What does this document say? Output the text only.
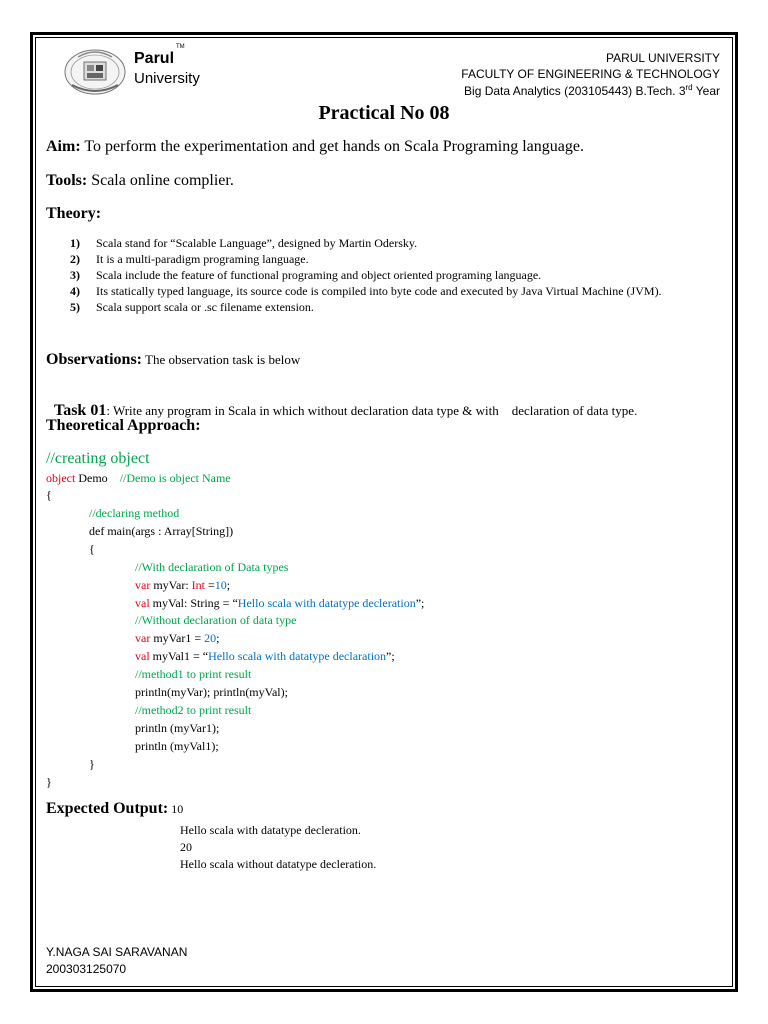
Parul
TM
University
PARUL UNIVERSITY
FACULTY OF ENGINEERING & TECHNOLOGY
Big Data Analytics (203105443) B.Tech. 3rd Year
Practical No 08
Aim: To perform the experimentation and get hands on Scala Programing language.
Tools: Scala online complier.
Theory:
1) Scala stand for “Scalable Language”, designed by Martin Odersky.
2) It is a multi-paradigm programing language.
3) Scala include the feature of functional programing and object oriented programing language.
4) Its statically typed language, its source code is compiled into byte code and executed by Java Virtual Machine (JVM).
5) Scala support scala or .sc filename extension.
Observations: The observation task is below

Task 01: Write any program in Scala in which without declaration data type & with    declaration of data type.

Theoretical Approach:
//creating object
object Demo    //Demo is object Name
{
//declaring method
def main(args : Array[String])
{
//With declaration of Data types
var myVar: Int =10;
val myVal: String = “Hello scala with datatype decleration”;
//Without declaration of data type
var myVar1 = 20;
val myVal1 = “Hello scala with datatype declaration”;
//method1 to print result
println(myVar); println(myVal);
//method2 to print result
println (myVar1);
println (myVal1);
}
}
Expected Output: 10
Hello scala with datatype decleration.
20
Hello scala without datatype decleration.
Y.NAGA SAI SARAVANAN
200303125070
